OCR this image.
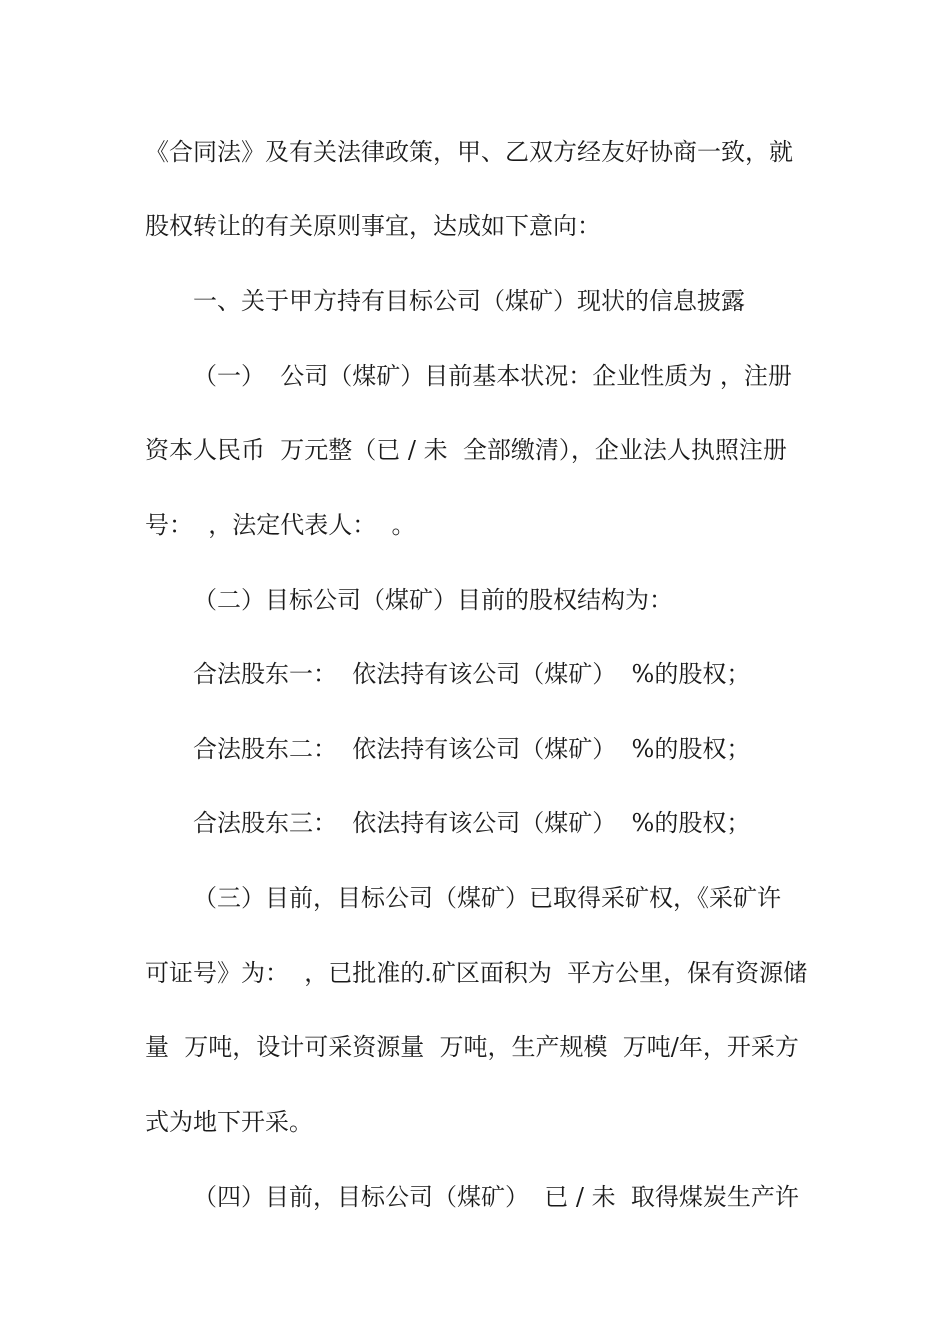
《合同法》及有关法律政策，甲、乙双方经友好协商一致，就

股权转让的有关原则事宜，达成如下意向：

一、关于甲方持有目标公司（煤矿）现状的信息披露

（一）  公司（煤矿）目前基本状况：企业性质为 ，注册

资本人民币  万元整（已 / 未  全部缴清），企业法人执照注册

号：  ，法定代表人：  。

（二）目标公司（煤矿）目前的股权结构为：

合法股东一：  依法持有该公司（煤矿）  %的股权；

合法股东二：  依法持有该公司（煤矿）  %的股权；

合法股东三：  依法持有该公司（煤矿）  %的股权；

（三）目前，目标公司（煤矿）已取得采矿权，《采矿许

可证号》为：  ，已批准的.矿区面积为  平方公里，保有资源储

量  万吨，设计可采资源量  万吨，生产规模  万吨/年，开采方

式为地下开采。

（四）目前，目标公司（煤矿）  已 / 未  取得煤炭生产许
